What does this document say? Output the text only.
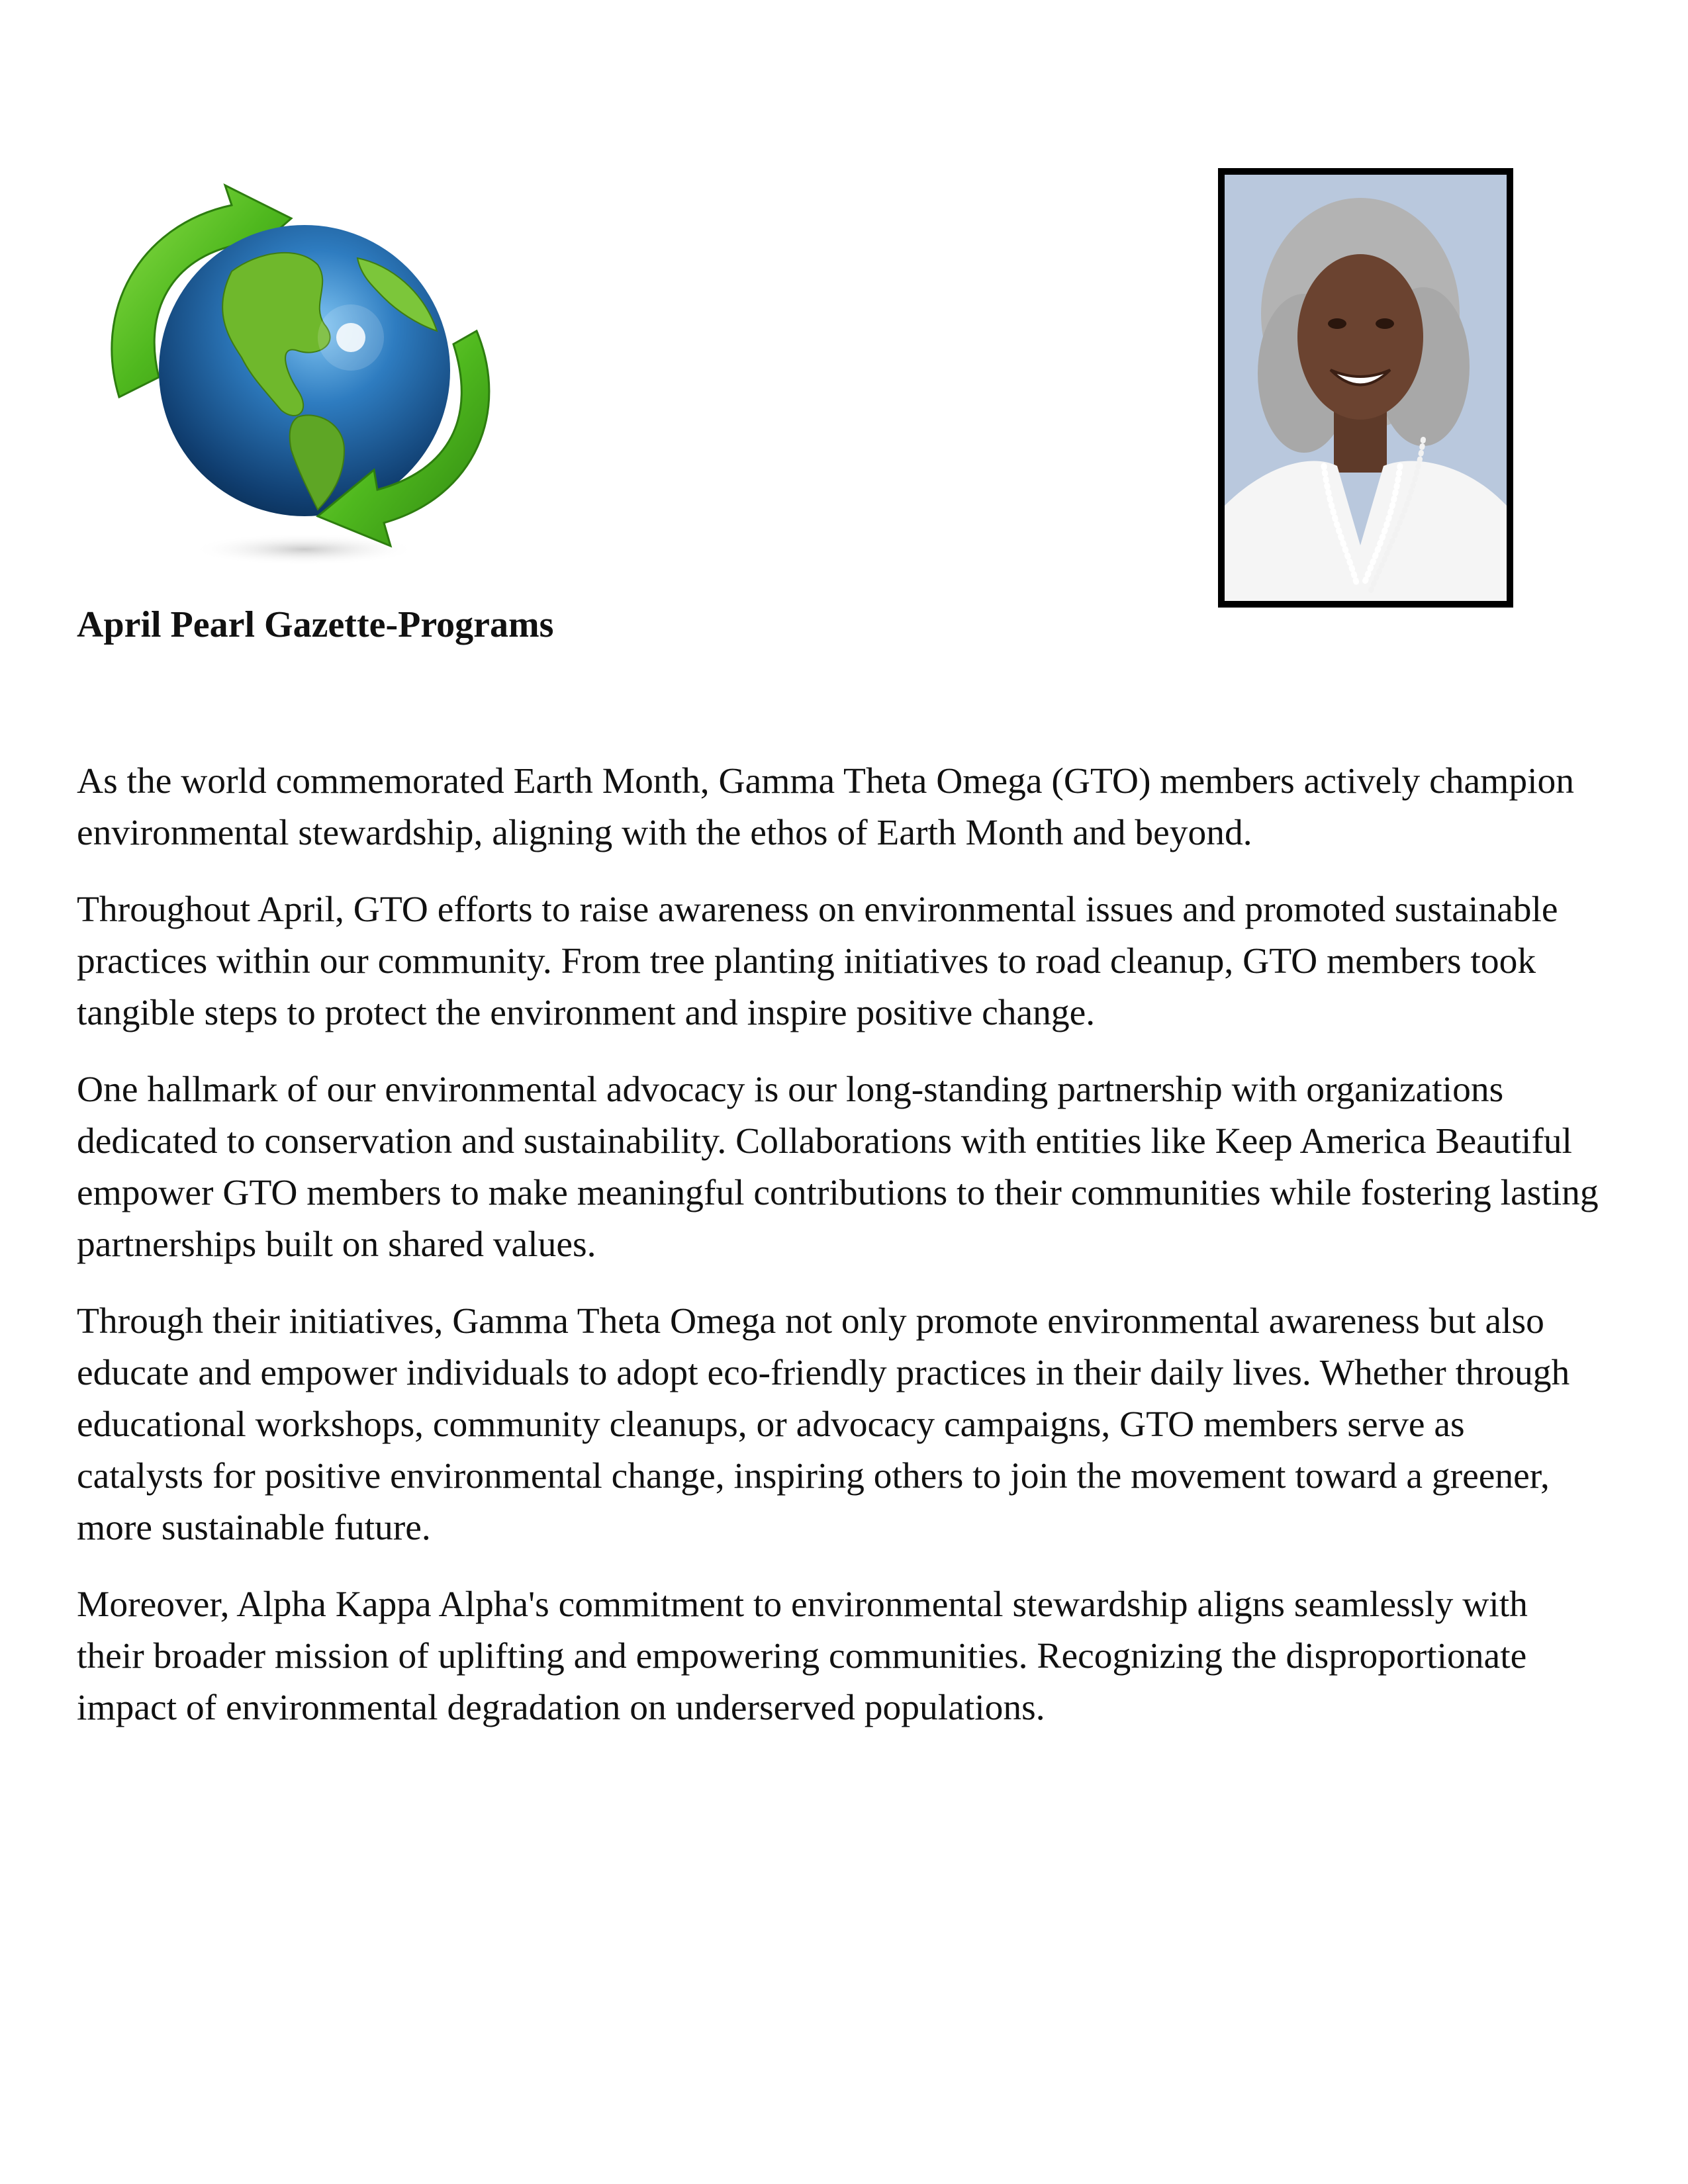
April Pearl Gazette-Programs

As the world commemorated Earth Month, Gamma Theta Omega (GTO) members actively champion environmental stewardship, aligning with the ethos of Earth Month and beyond.

Throughout April, GTO efforts to raise awareness on environmental issues and promoted sustainable practices within our community. From tree planting initiatives to road cleanup, GTO members took tangible steps to protect the environment and inspire positive change.

One hallmark of our environmental advocacy is our long-standing partnership with organizations dedicated to conservation and sustainability. Collaborations with entities like Keep America Beautiful empower GTO members to make meaningful contributions to their communities while fostering lasting partnerships built on shared values.

Through their initiatives, Gamma Theta Omega not only promote environmental awareness but also educate and empower individuals to adopt eco-friendly practices in their daily lives. Whether through educational workshops, community cleanups, or advocacy campaigns, GTO members serve as catalysts for positive environmental change, inspiring others to join the movement toward a greener, more sustainable future.

Moreover, Alpha Kappa Alpha's commitment to environmental stewardship aligns seamlessly with their broader mission of uplifting and empowering communities. Recognizing the disproportionate impact of environmental degradation on underserved populations.
